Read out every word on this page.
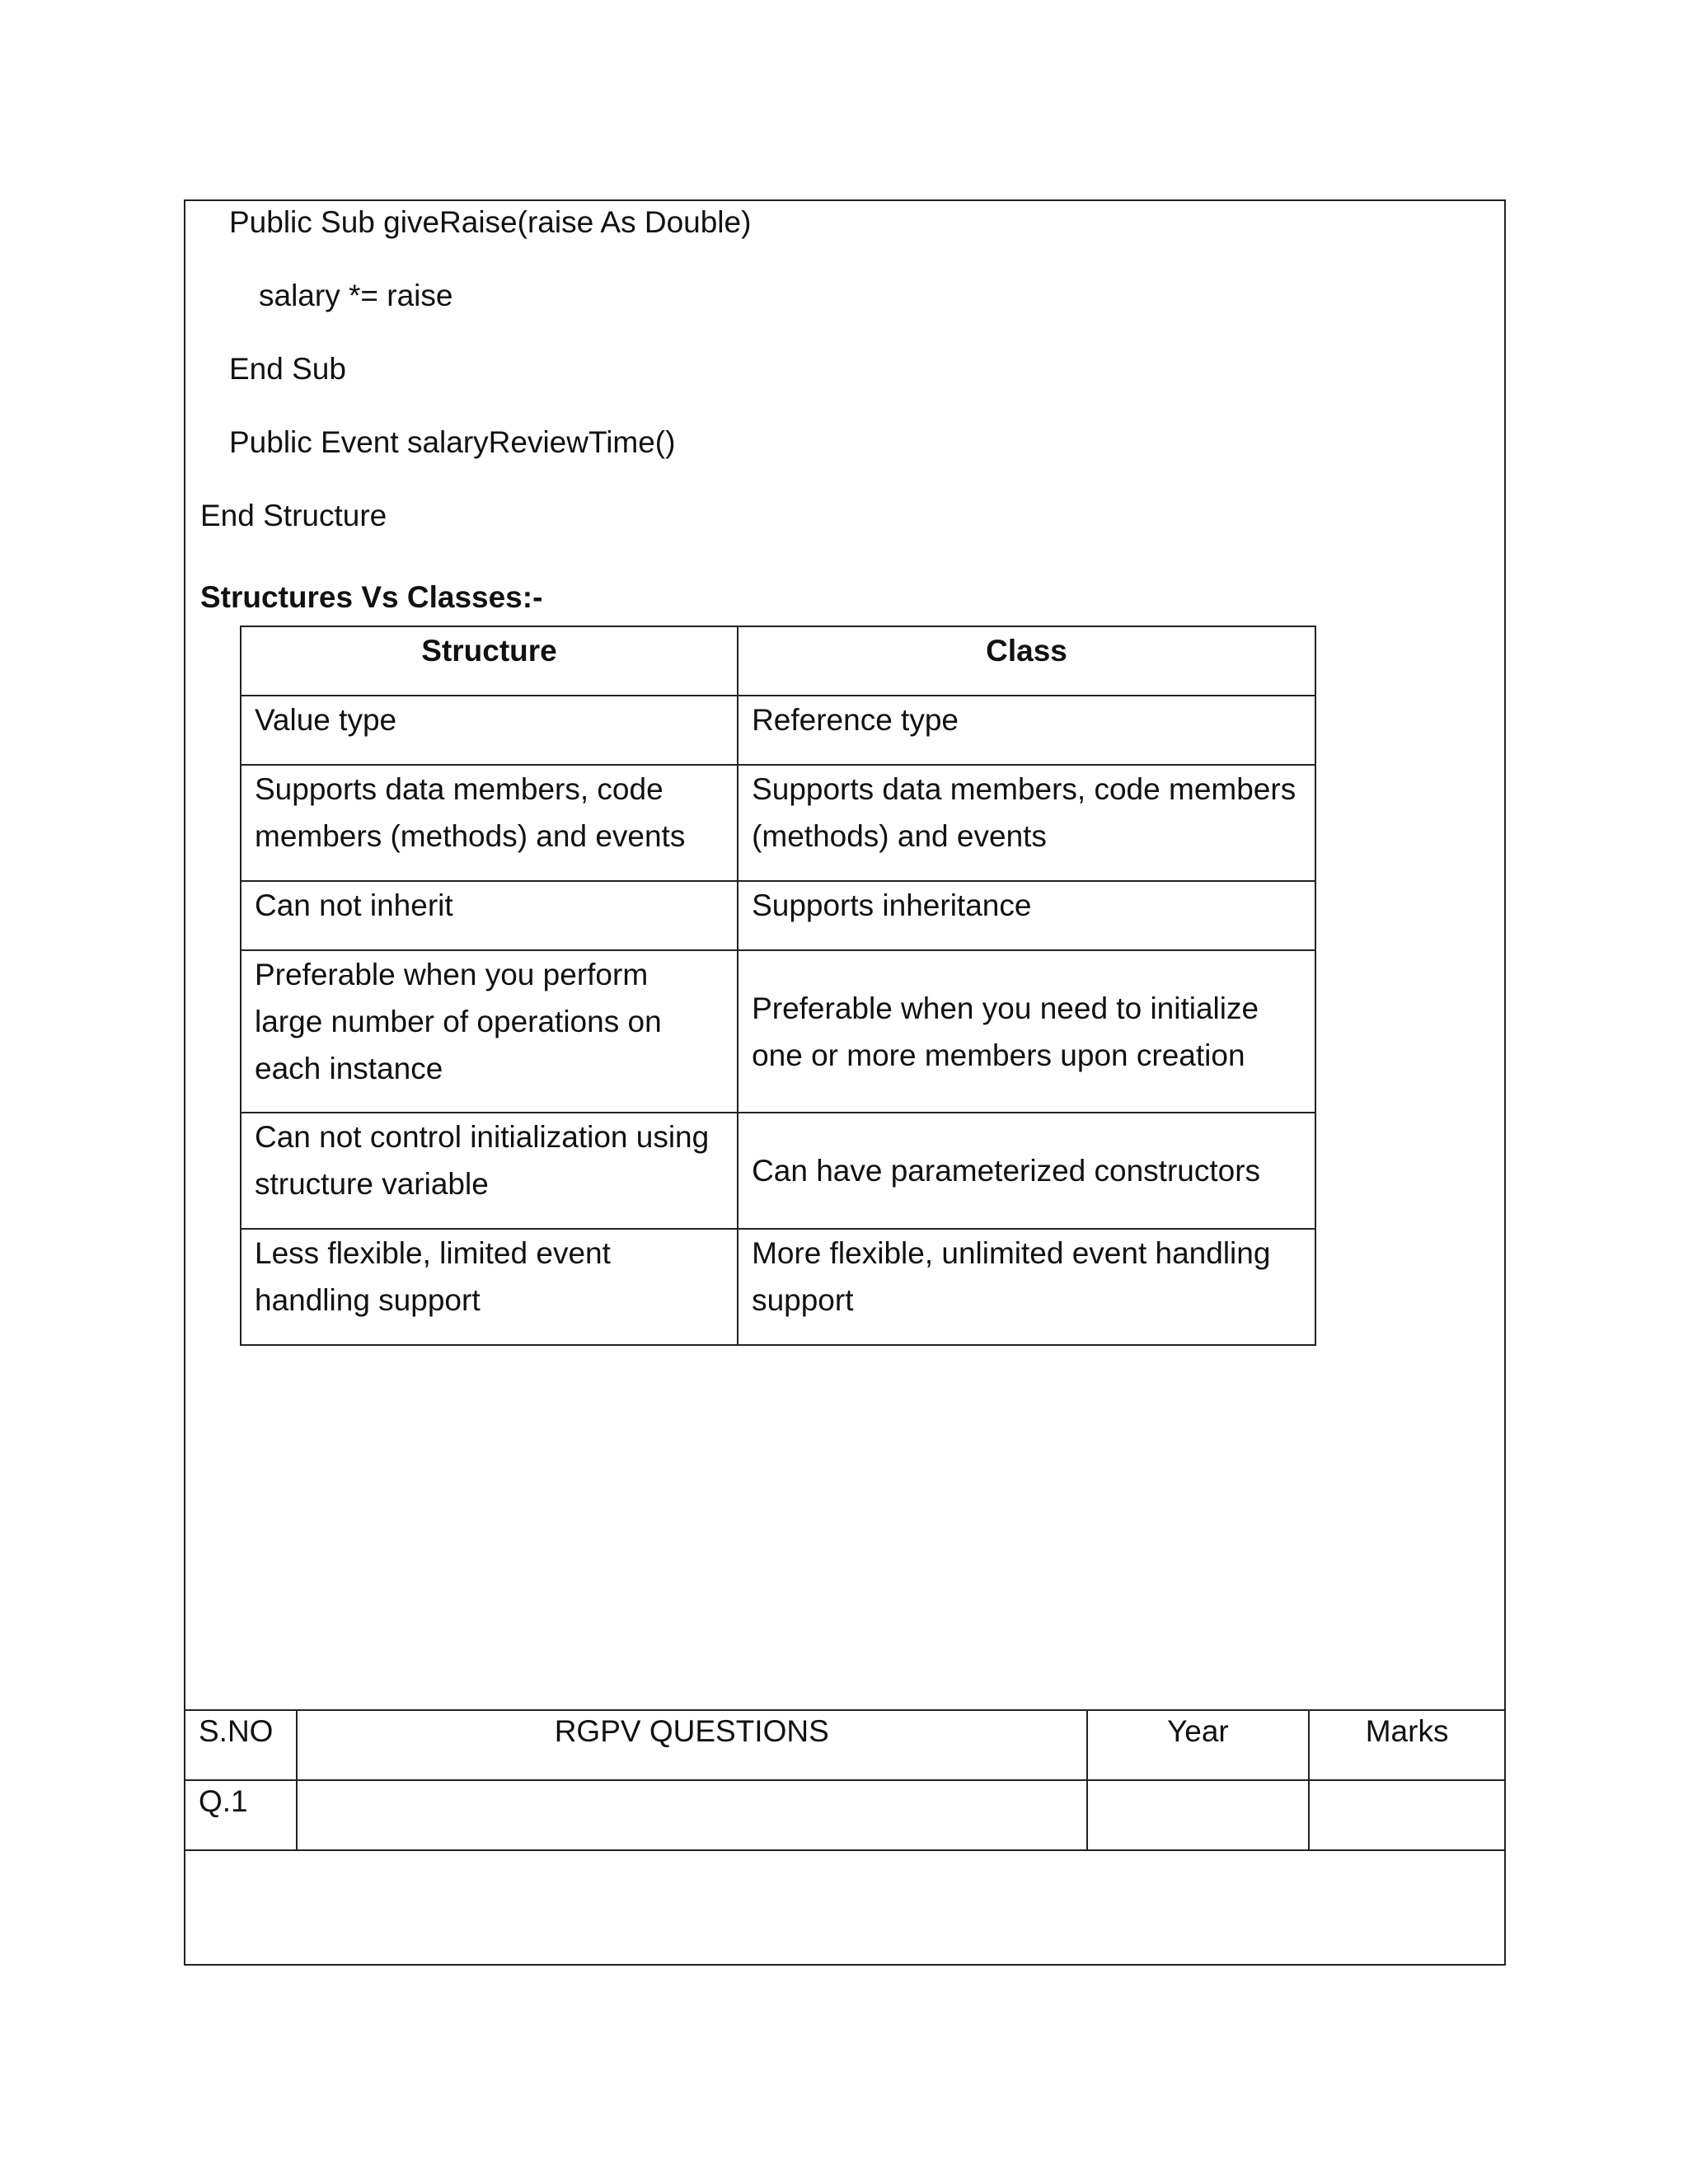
Public Sub giveRaise(raise As Double)
salary *= raise
End Sub
Public Event salaryReviewTime()
End Structure
Structures Vs Classes:-
Structure	Class
Value type	Reference type
Supports data members, code members (methods) and events	Supports data members, code members (methods) and events
Can not inherit	Supports inheritance
Preferable when you perform large number of operations on each instance	Preferable when you need to initialize one or more members upon creation
Can not control initialization using structure variable	Can have parameterized constructors
Less flexible, limited event handling support	More flexible, unlimited event handling support
S.NO	RGPV QUESTIONS	Year	Marks
Q.1			
